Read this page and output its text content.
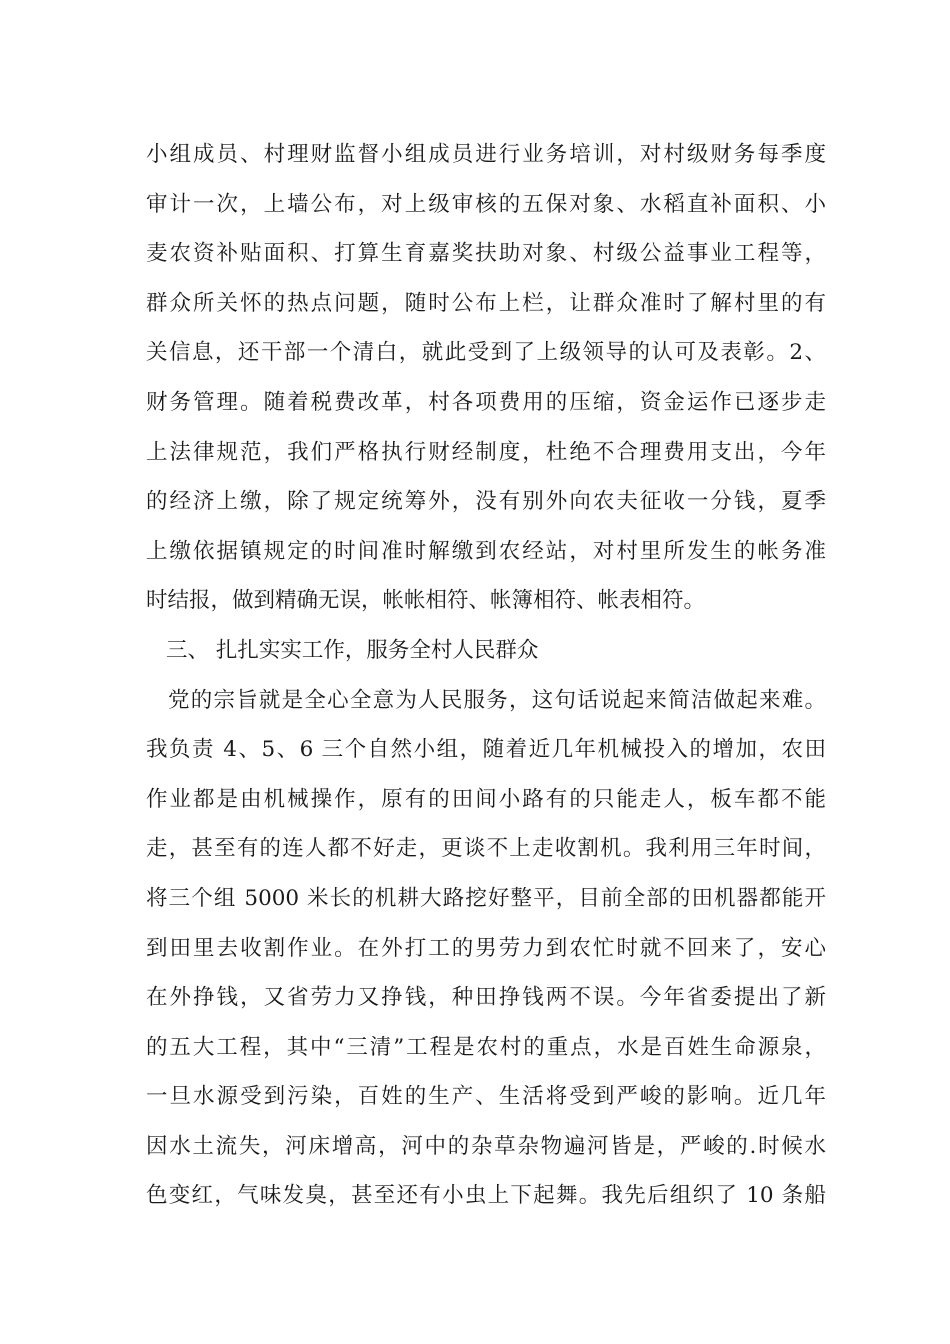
小组成员、村理财监督小组成员进行业务培训，对村级财务每季度
审计一次，上墙公布，对上级审核的五保对象、水稻直补面积、小
麦农资补贴面积、打算生育嘉奖扶助对象、村级公益事业工程等，
群众所关怀的热点问题，随时公布上栏，让群众准时了解村里的有
关信息，还干部一个清白，就此受到了上级领导的认可及表彰。2、
财务管理。随着税费改革，村各项费用的压缩，资金运作已逐步走
上法律规范，我们严格执行财经制度，杜绝不合理费用支出，今年
的经济上缴，除了规定统筹外，没有别外向农夫征收一分钱，夏季
上缴依据镇规定的时间准时解缴到农经站，对村里所发生的帐务准
时结报，做到精确无误，帐帐相符、帐簿相符、帐表相符。
三、 扎扎实实工作，服务全村人民群众
党的宗旨就是全心全意为人民服务，这句话说起来简洁做起来难。
我负责 4、5、6 三个自然小组，随着近几年机械投入的增加，农田
作业都是由机械操作，原有的田间小路有的只能走人，板车都不能
走，甚至有的连人都不好走，更谈不上走收割机。我利用三年时间，
将三个组 5000 米长的机耕大路挖好整平，目前全部的田机器都能开
到田里去收割作业。在外打工的男劳力到农忙时就不回来了，安心
在外挣钱，又省劳力又挣钱，种田挣钱两不误。今年省委提出了新
的五大工程，其中“三清”工程是农村的重点，水是百姓生命源泉，
一旦水源受到污染，百姓的生产、生活将受到严峻的影响。近几年
因水土流失，河床增高，河中的杂草杂物遍河皆是，严峻的.时候水
色变红，气味发臭，甚至还有小虫上下起舞。我先后组织了 10 条船
